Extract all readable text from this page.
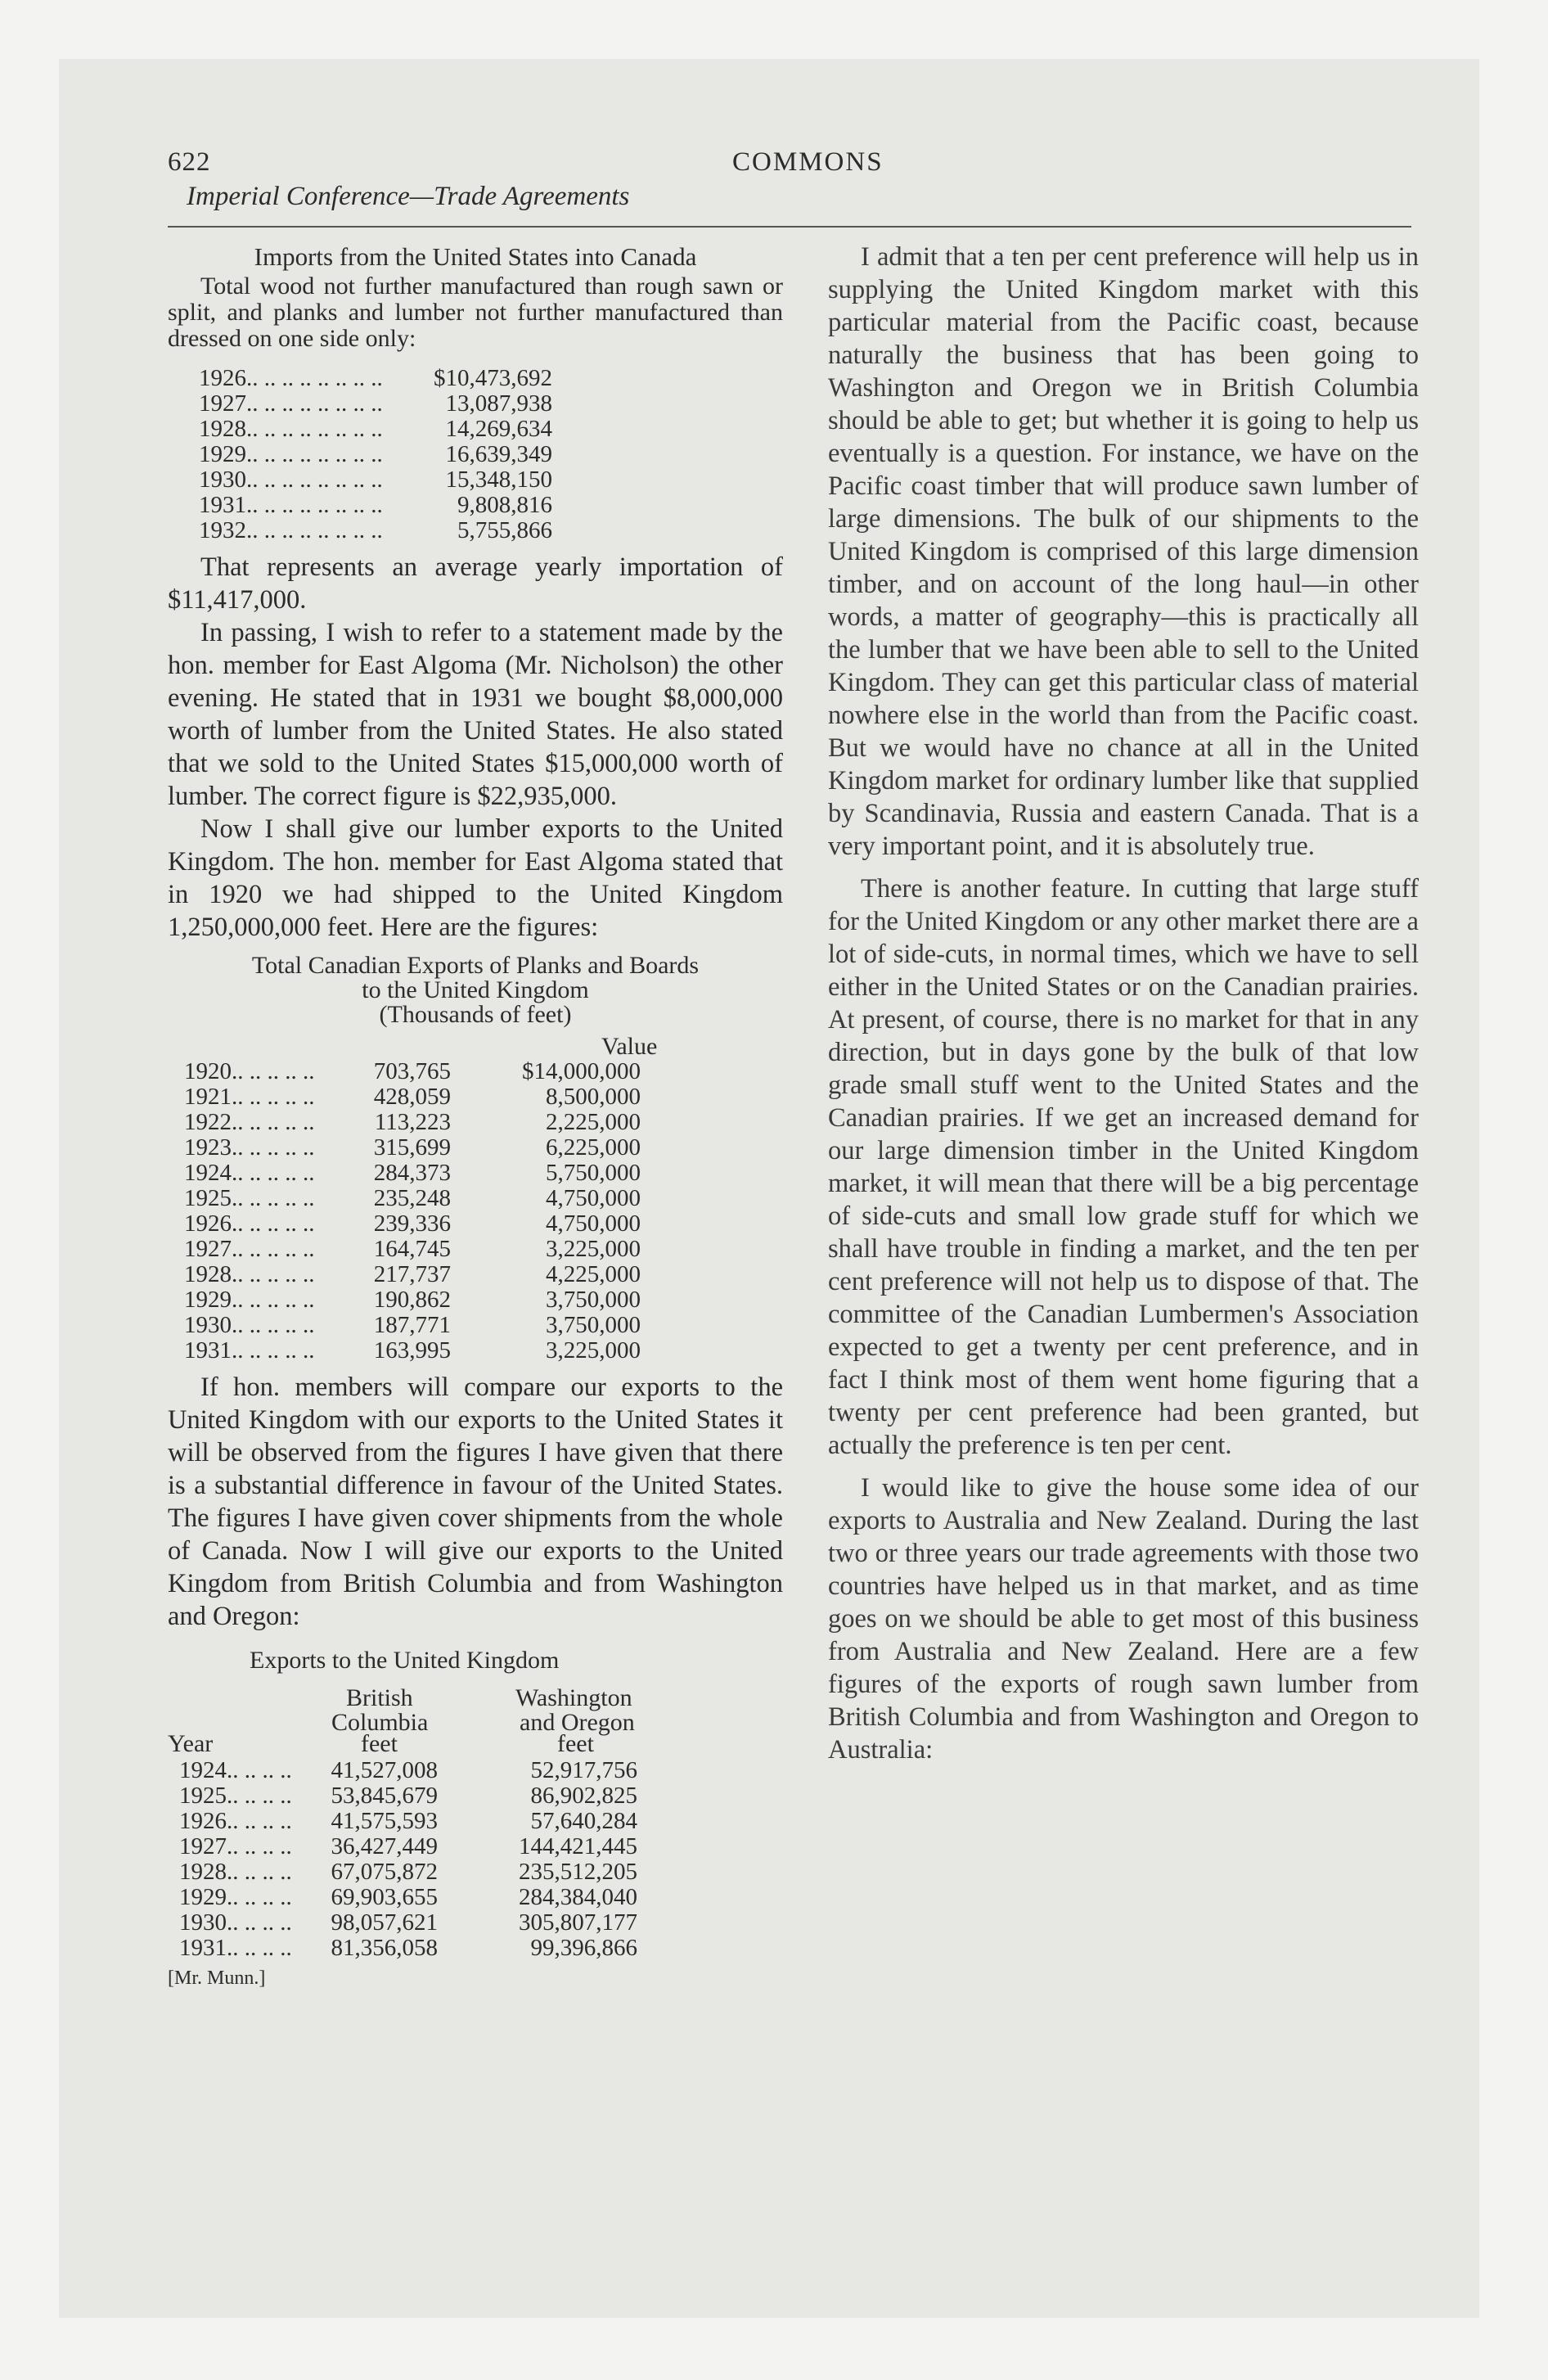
622	COMMONS
Imperial Conference—Trade Agreements
Imports from the United States into Canada
Total wood not further manufactured than rough sawn or split, and planks and lumber not further manufactured than dressed on one side only:
1926.. .. .. .. .. .. .. .. $10,473,692
1927.. .. .. .. .. .. .. ..	13,087,938
1928.. .. .. .. .. .. .. ..	14,269,634
1929.. .. .. .. .. .. .. ..	16,639,349
1930.. .. .. .. .. .. .. ..	15,348,150
1931.. .. .. .. .. .. .. ..	9,808,816
1932.. .. .. .. .. .. .. ..	5,755,866

That represents an average yearly importation of $11,417,000.

In passing, I wish to refer to a statement made by the hon. member for East Algoma (Mr. Nicholson) the other evening. He stated that in 1931 we bought $8,000,000 worth of lumber from the United States. He also stated that we sold to the United States $15,000,000 worth of lumber. The correct figure is $22,935,000.

Now I shall give our lumber exports to the United Kingdom. The hon. member for East Algoma stated that in 1920 we had shipped to the United Kingdom 1,250,000,000 feet. Here are the figures:

Total Canadian Exports of Planks and Boards
to the United Kingdom
(Thousands of feet)
Value
1920.. .. .. .. .. 703,765	$14,000,000
1921.. .. .. .. .. 428,059	8,500,000
1922.. .. .. .. ..	113,223	2,225,000
1923.. .. .. .. .. 315,699	6,225,000
1924.. .. .. .. .. 284,373	5,750,000
1925.. .. .. .. .. 235,248	4,750,000
1926.. .. .. .. .. 239,336	4,750,000
1927.. .. .. .. .. 164,745	3,225,000
1928.. .. .. .. .. 217,737	4,225,000
1929.. .. .. .. .. 190,862	3,750,000
1930.. .. .. .. .. 187,771	3,750,000
1931.. .. .. .. .. 163,995	3,225,000

If hon. members will compare our exports to the United Kingdom with our exports to the United States it will be observed from the figures I have given that there is a substantial difference in favour of the United States. The figures I have given cover shipments from the whole of Canada. Now I will give our exports to the United Kingdom from British Columbia and from Washington and Oregon:

Exports to the United Kingdom
British
Columbia
Washington
and Oregon
Year	feet	feet
1924.. .. .. .. 41,527,008	52,917,756
1925.. .. .. .. 53,845,679	86,902,825
1926.. .. .. .. 41,575,593	57,640,284
1927.. .. .. .. 36,427,449	144,421,445
1928.. .. .. .. 67,075,872	235,512,205
1929.. .. .. .. 69,903,655	284,384,040
1930.. .. .. .. 98,057,621	305,807,177
1931.. .. .. .. 81,356,058	99,396,866
[Mr. Munn.]

I admit that a ten per cent preference will help us in supplying the United Kingdom market with this particular material from the Pacific coast, because naturally the business that has been going to Washington and Oregon we in British Columbia should be able to get; but whether it is going to help us eventually is a question. For instance, we have on the Pacific coast timber that will produce sawn lumber of large dimensions. The bulk of our shipments to the United Kingdom is comprised of this large dimension timber, and on account of the long haul—in other words, a matter of geography—this is practically all the lumber that we have been able to sell to the United Kingdom. They can get this particular class of material nowhere else in the world than from the Pacific coast. But we would have no chance at all in the United Kingdom market for ordinary lumber like that supplied by Scandinavia, Russia and eastern Canada. That is a very important point, and it is absolutely true.

There is another feature. In cutting that large stuff for the United Kingdom or any other market there are a lot of side-cuts, in normal times, which we have to sell either in the United States or on the Canadian prairies. At present, of course, there is no market for that in any direction, but in days gone by the bulk of that low grade small stuff went to the United States and the Canadian prairies. If we get an increased demand for our large dimension timber in the United Kingdom market, it will mean that there will be a big percentage of side-cuts and small low grade stuff for which we shall have trouble in finding a market, and the ten per cent preference will not help us to dispose of that. The committee of the Canadian Lumbermen's Association expected to get a twenty per cent preference, and in fact I think most of them went home figuring that a twenty per cent preference had been granted, but actually the preference is ten per cent.

I would like to give the house some idea of our exports to Australia and New Zealand. During the last two or three years our trade agreements with those two countries have helped us in that market, and as time goes on we should be able to get most of this business from Australia and New Zealand. Here are a few figures of the exports of rough sawn lumber from British Columbia and from Washington and Oregon to Australia:
